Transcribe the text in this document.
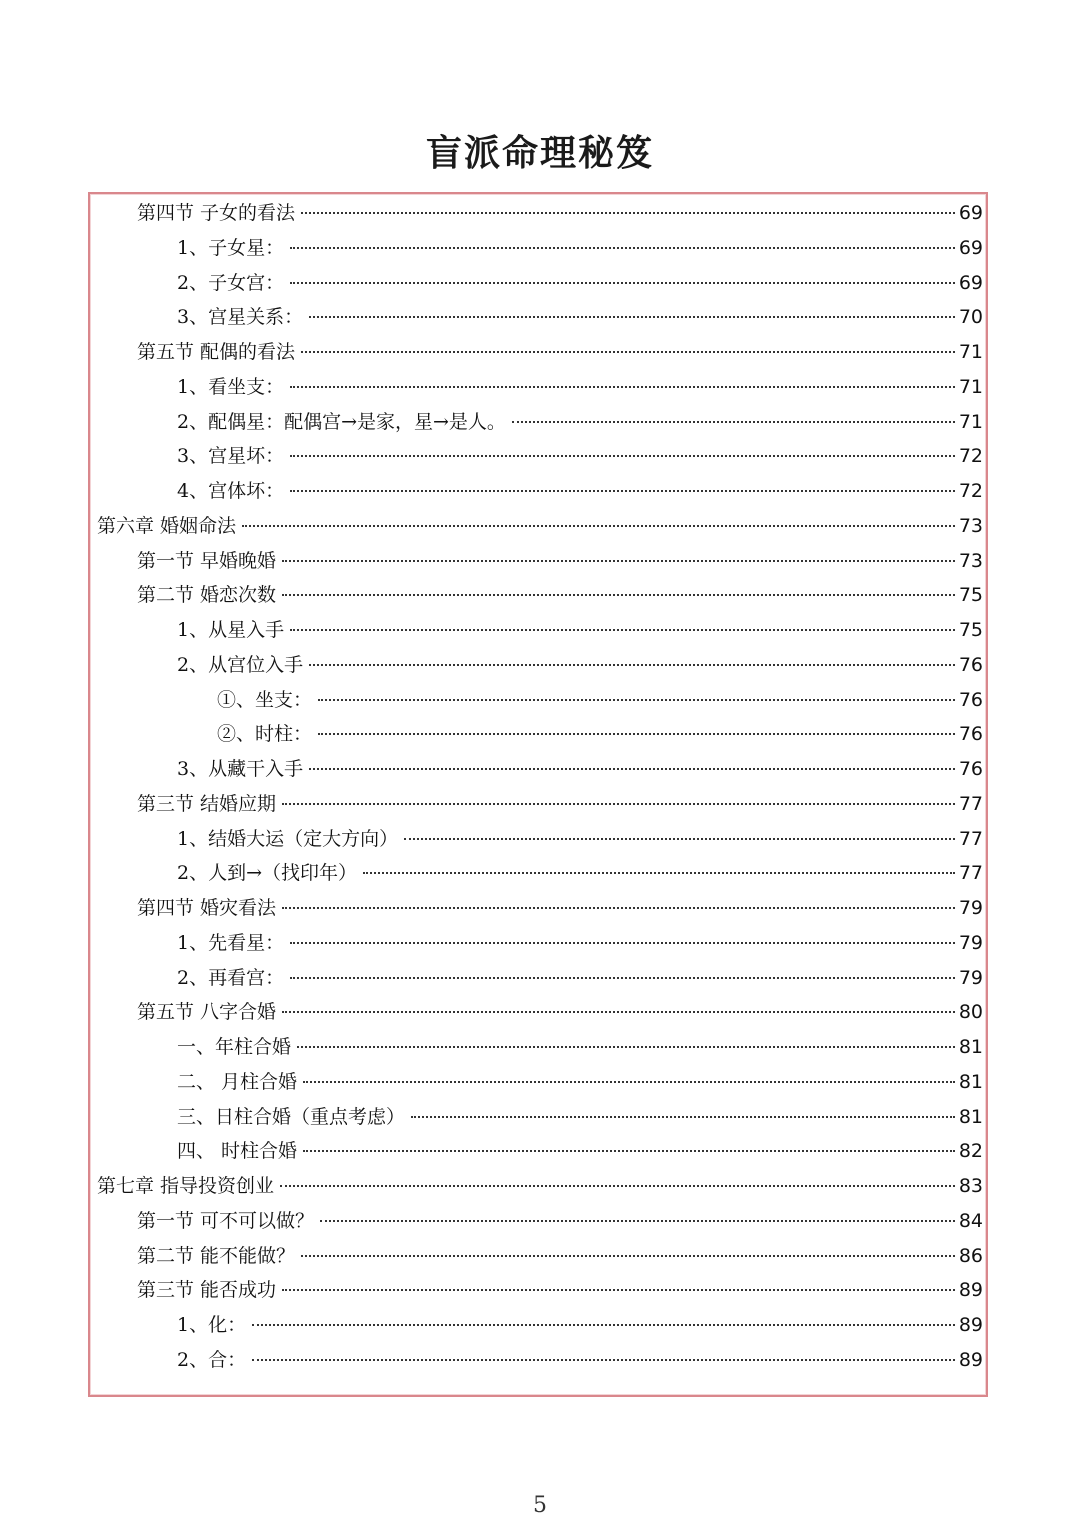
盲派命理秘笈
第四节 子女的看法	69
1、子女星：	69
2、子女宫：	69
3、宫星关系：	70
第五节 配偶的看法	71
1、看坐支：	71
2、配偶星：配偶宫→是家，星→是人。	71
3、宫星坏：	72
4、宫体坏：	72
第六章 婚姻命法	73
第一节 早婚晚婚	73
第二节 婚恋次数	75
1、从星入手	75
2、从宫位入手	76
①、坐支：	76
②、时柱：	76
3、从藏干入手	76
第三节 结婚应期	77
1、结婚大运（定大方向）	77
2、人到→（找印年）	77
第四节 婚灾看法	79
1、先看星：	79
2、再看宫：	79
第五节 八字合婚	80
一、年柱合婚	81
二、 月柱合婚	81
三、日柱合婚（重点考虑）	81
四、 时柱合婚	82
第七章 指导投资创业	83
第一节 可不可以做？	84
第二节 能不能做？	86
第三节 能否成功	89
1、化：	89
2、合：	89
5
